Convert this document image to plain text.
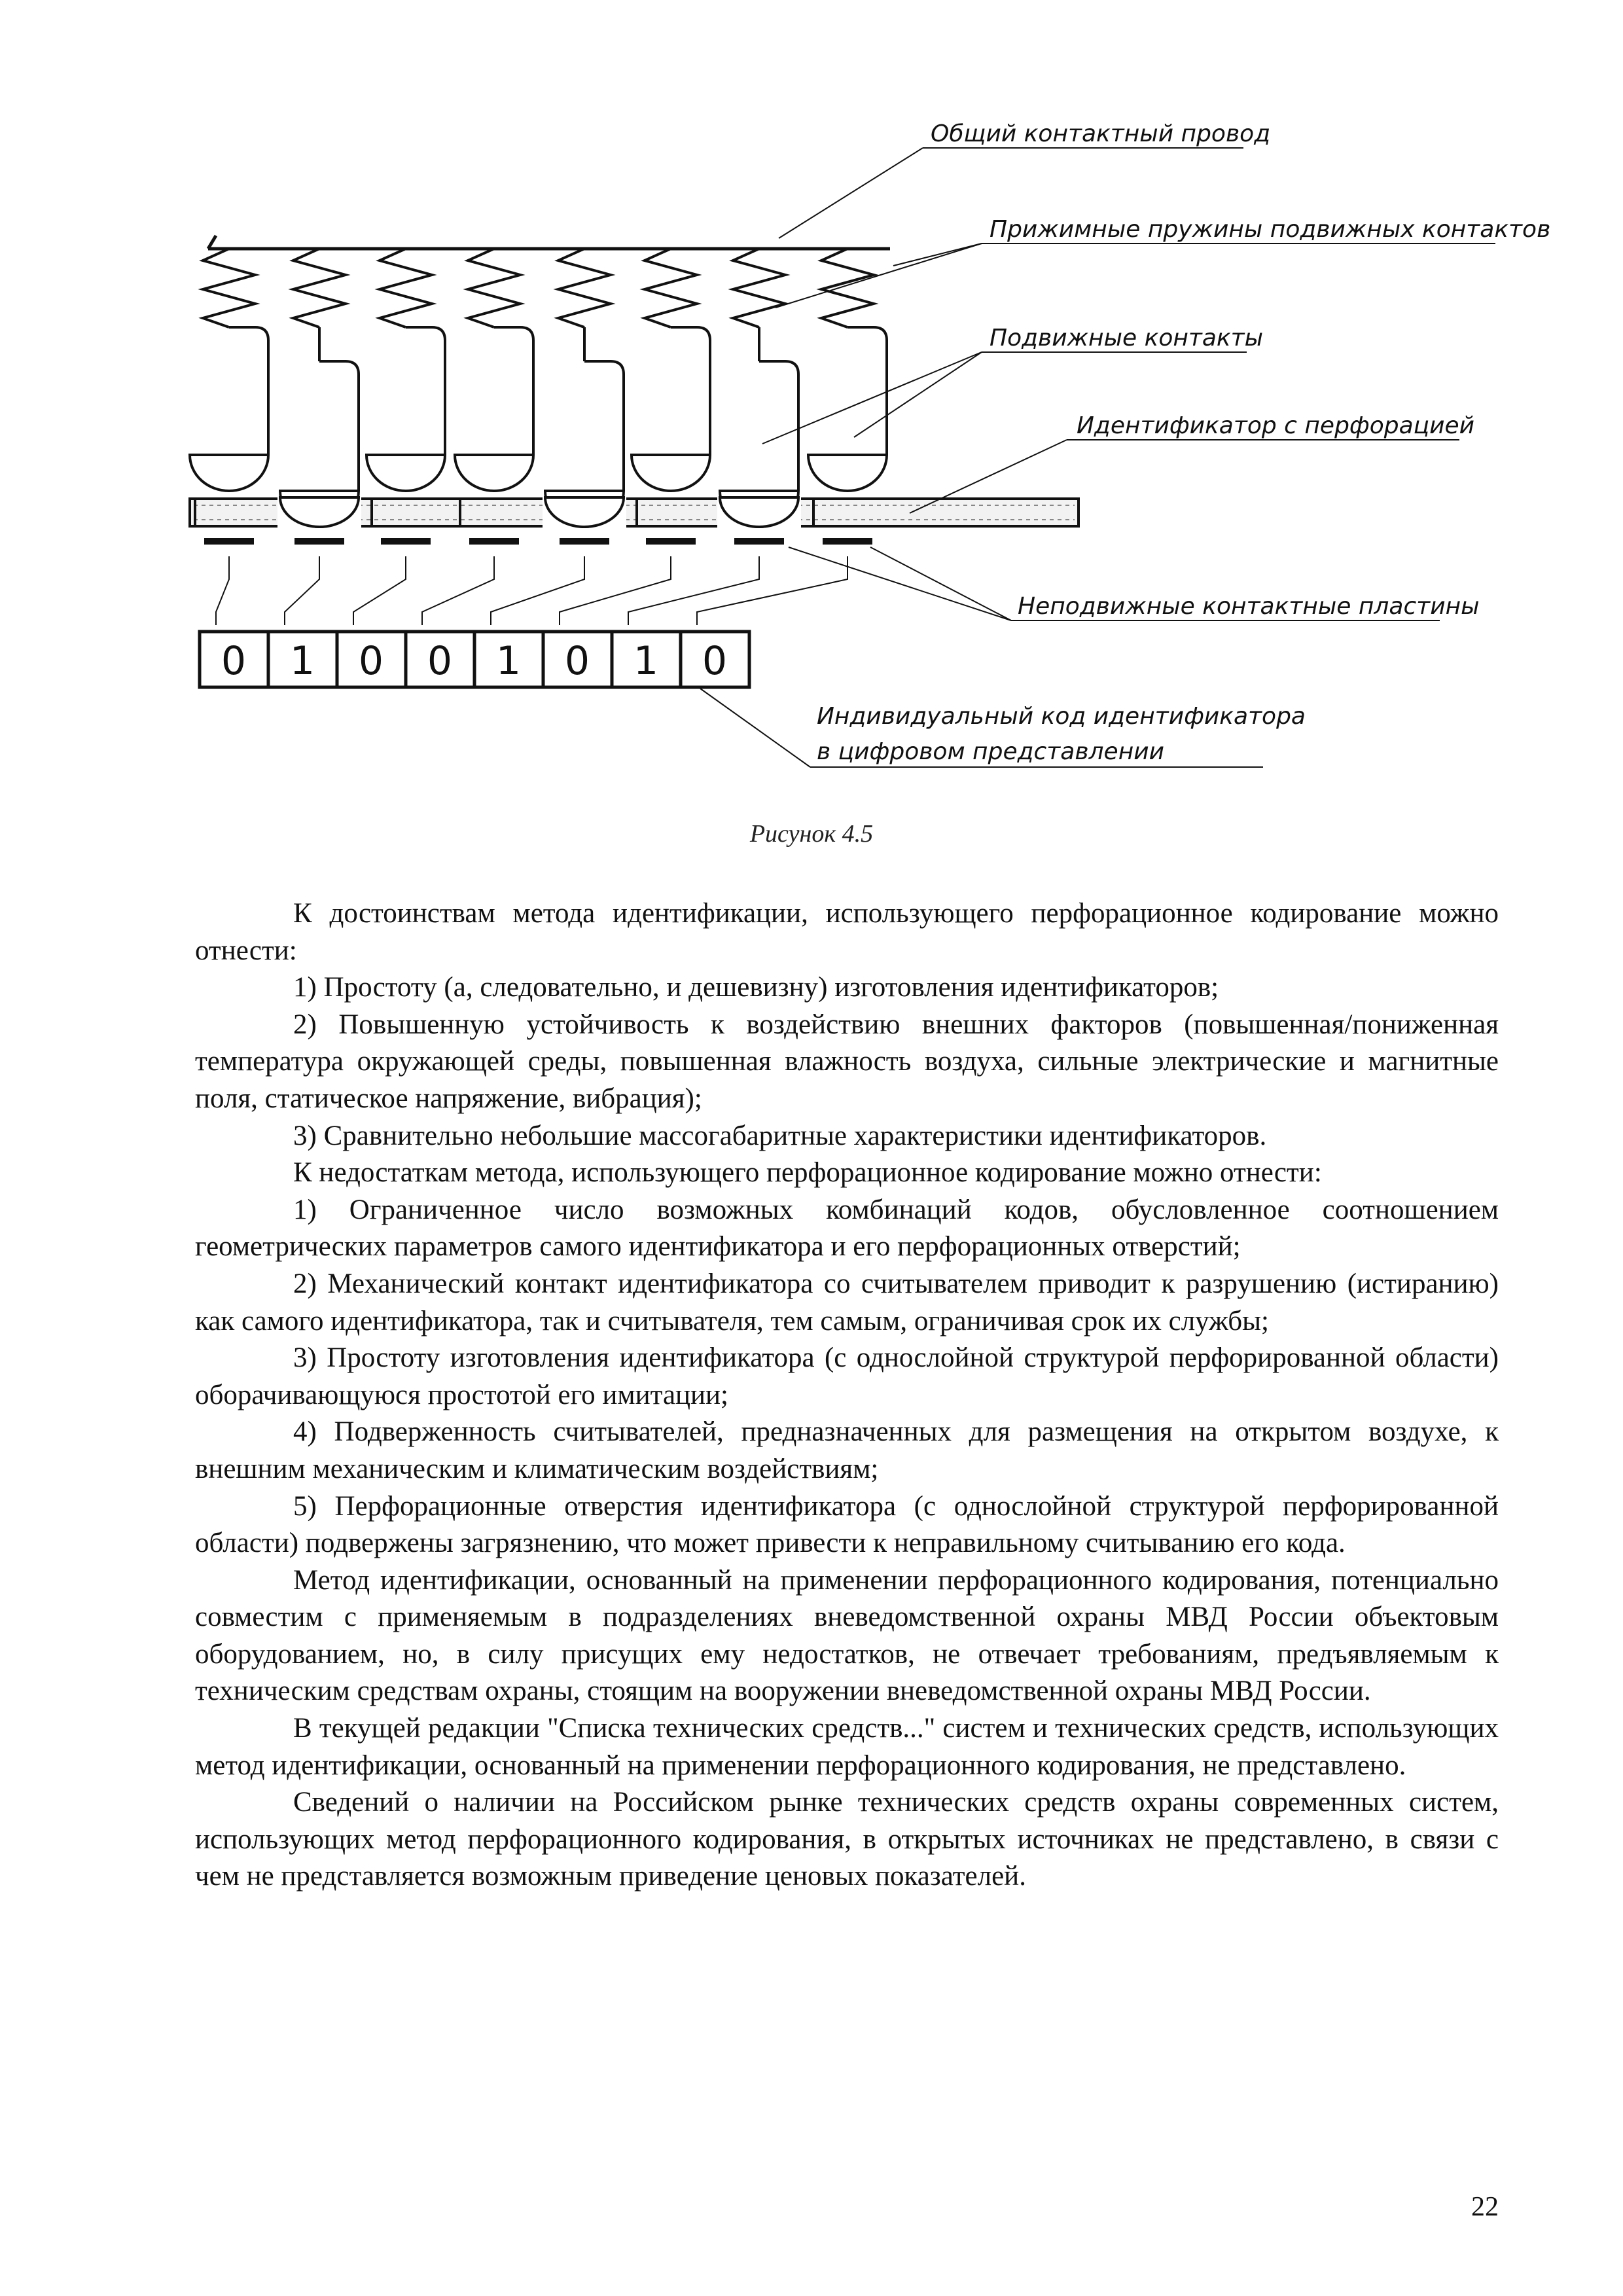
Общий контактный провод
Прижимные пружины подвижных контактов
Подвижные контакты
Идентификатор с перфорацией
Неподвижные контактные пластины
Индивидуальный код идентификатора
в цифровом представлении
0 1 0 0 1 0 1 0
Рисунок 4.5

К достоинствам метода идентификации, использующего перфорационное кодирование можно отнести:

1) Простоту (а, следовательно, и дешевизну) изготовления идентификаторов;

2) Повышенную устойчивость к воздействию внешних факторов (повышенная/пониженная температура окружающей среды, повышенная влажность воздуха, сильные электрические и магнитные поля, статическое напряжение, вибрация);

3) Сравнительно небольшие массогабаритные характеристики идентификаторов.

К недостаткам метода, использующего перфорационное кодирование можно отнести:

1) Ограниченное число возможных комбинаций кодов, обусловленное соотношением геометрических параметров самого идентификатора и его перфорационных отверстий;

2) Механический контакт идентификатора со считывателем приводит к разрушению (истиранию) как самого идентификатора, так и считывателя, тем самым, ограничивая срок их службы;

3) Простоту изготовления идентификатора (с однослойной структурой перфорированной области) оборачивающуюся простотой его имитации;

4) Подверженность считывателей, предназначенных для размещения на открытом воздухе, к внешним механическим и климатическим воздействиям;

5) Перфорационные отверстия идентификатора (с однослойной структурой перфорированной области) подвержены загрязнению, что может привести к неправильному считыванию его кода.

Метод идентификации, основанный на применении перфорационного кодирования, потенциально совместим с применяемым в подразделениях вневедомственной охраны МВД России объектовым оборудованием, но, в силу присущих ему недостатков, не отвечает требованиям, предъявляемым к техническим средствам охраны, стоящим на вооружении вневедомственной охраны МВД России.

В текущей редакции "Списка технических средств..." систем и технических средств, использующих метод идентификации, основанный на применении перфорационного кодирования, не представлено.

Сведений о наличии на Российском рынке технических средств охраны современных систем, использующих метод перфорационного кодирования, в открытых источниках не представлено, в связи с чем не представляется возможным приведение ценовых показателей.

22
